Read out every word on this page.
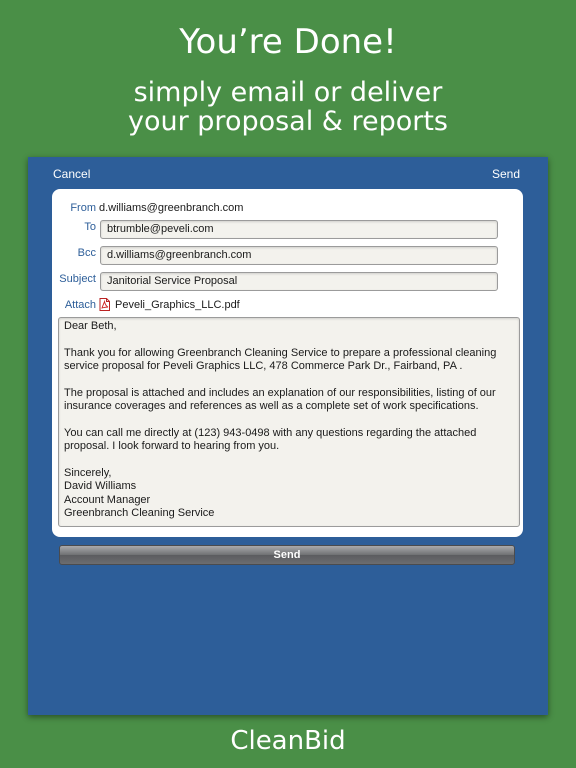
You’re Done!
simply email or deliver
your proposal & reports
Cancel	Send
From d.williams@greenbranch.com
To	btrumble@peveli.com
Bcc	d.williams@greenbranch.com
Subject	Janitorial Service Proposal
Attach Peveli_Graphics_LLC.pdf

Dear Beth,

Thank you for allowing Greenbranch Cleaning Service to prepare a professional cleaning service proposal for Peveli Graphics LLC, 478 Commerce Park Dr., Fairband, PA .

The proposal is attached and includes an explanation of our responsibilities, listing of our insurance coverages and references as well as a complete set of work specifications.

You can call me directly at (123) 943-0498 with any questions regarding the attached proposal. I look forward to hearing from you.

Sincerely,

David Williams

Account Manager

Greenbranch Cleaning Service

Send
CleanBid
